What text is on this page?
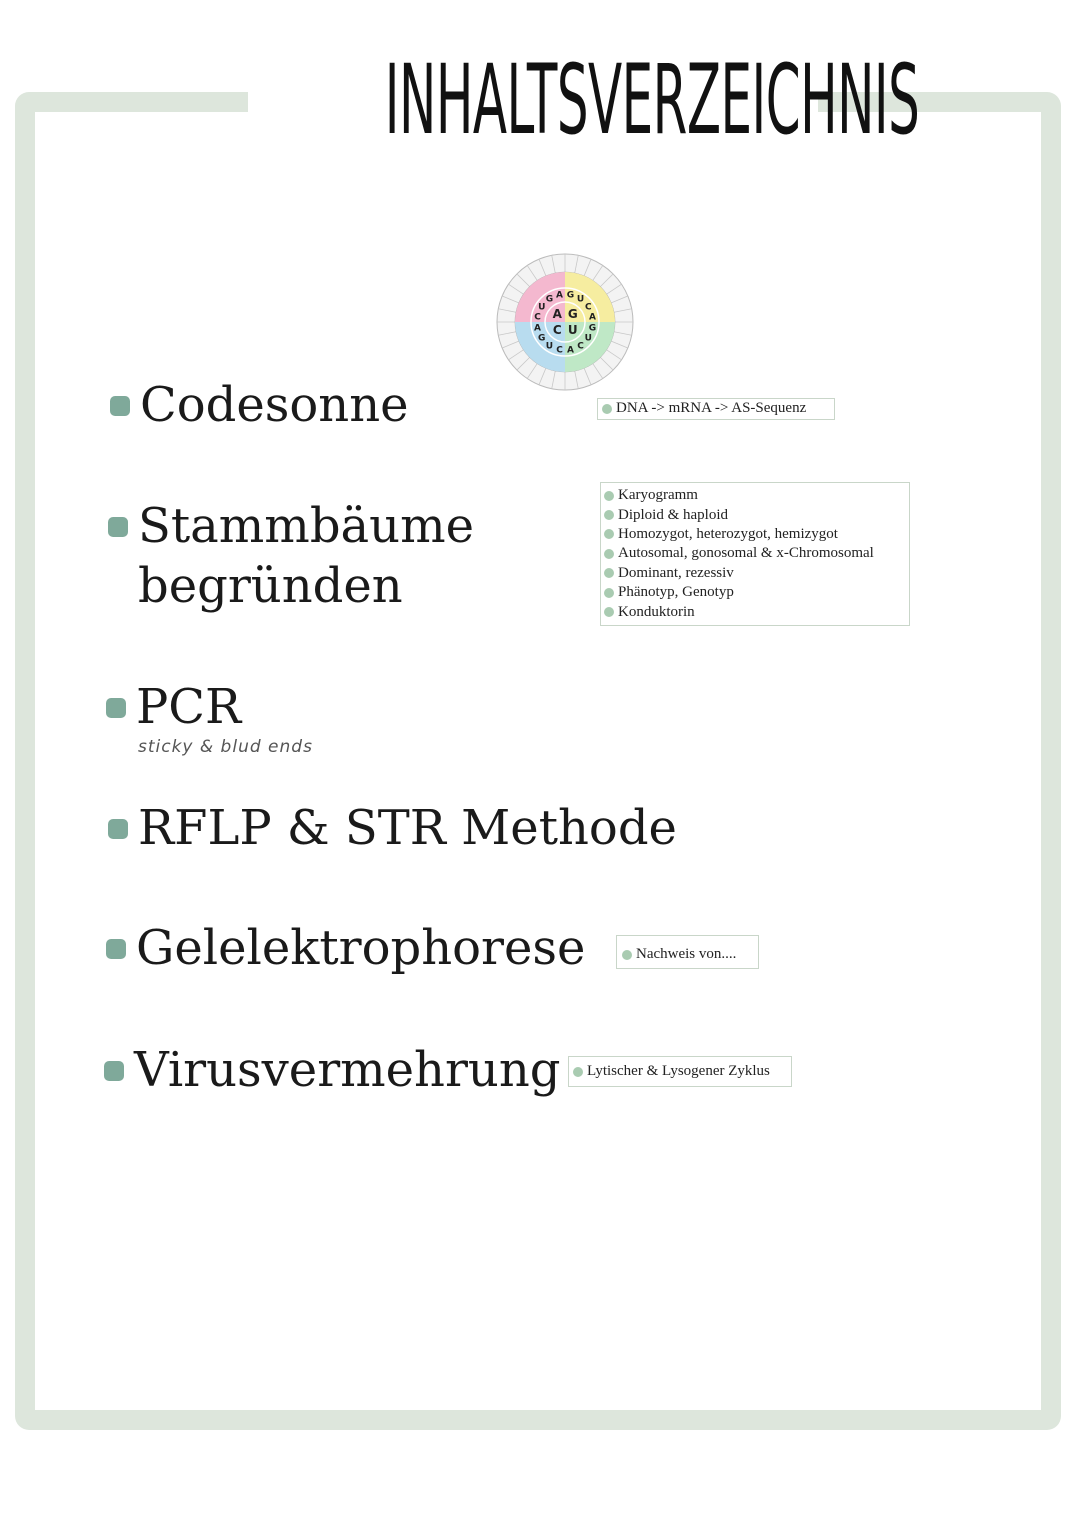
INHALTSVERZEICHNIS
G U
C
A
G
U
C
A
C
U
G
A
C
U
G A
A G
U
C
Codesonne
Stammbäume
begründen
PCR
sticky & blud ends
RFLP & STR Methode
Gelelektrophorese
Virusvermehrung
DNA -> mRNA -> AS-Sequenz
Karyogramm
Diploid & haploid
Homozygot, heterozygot, hemizygot
Autosomal, gonosomal & x-Chromosomal
Dominant, rezessiv
Phänotyp, Genotyp
Konduktorin
Nachweis von....
Lytischer & Lysogener Zyklus
